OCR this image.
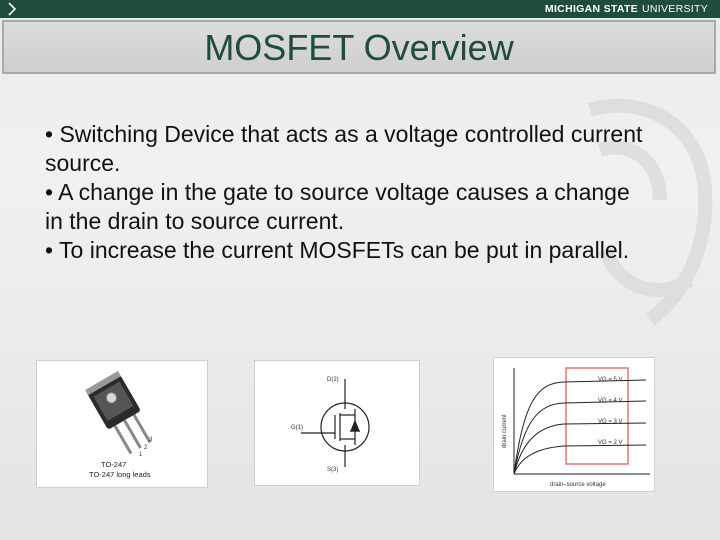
MICHIGAN STATE UNIVERSITY
MOSFET Overview

• Switching Device that acts as a voltage controlled current source.

• A change in the gate to source voltage causes a change in the drain to source current.

• To increase the current MOSFETs can be put in parallel.

3
2
1
TO-247
TO-247 long leads
D(2)
G(1)
S(3)
VG = 5 V
VG = 4 V
VG = 3 V
VG = 2 V
drain current
drain–source voltage
